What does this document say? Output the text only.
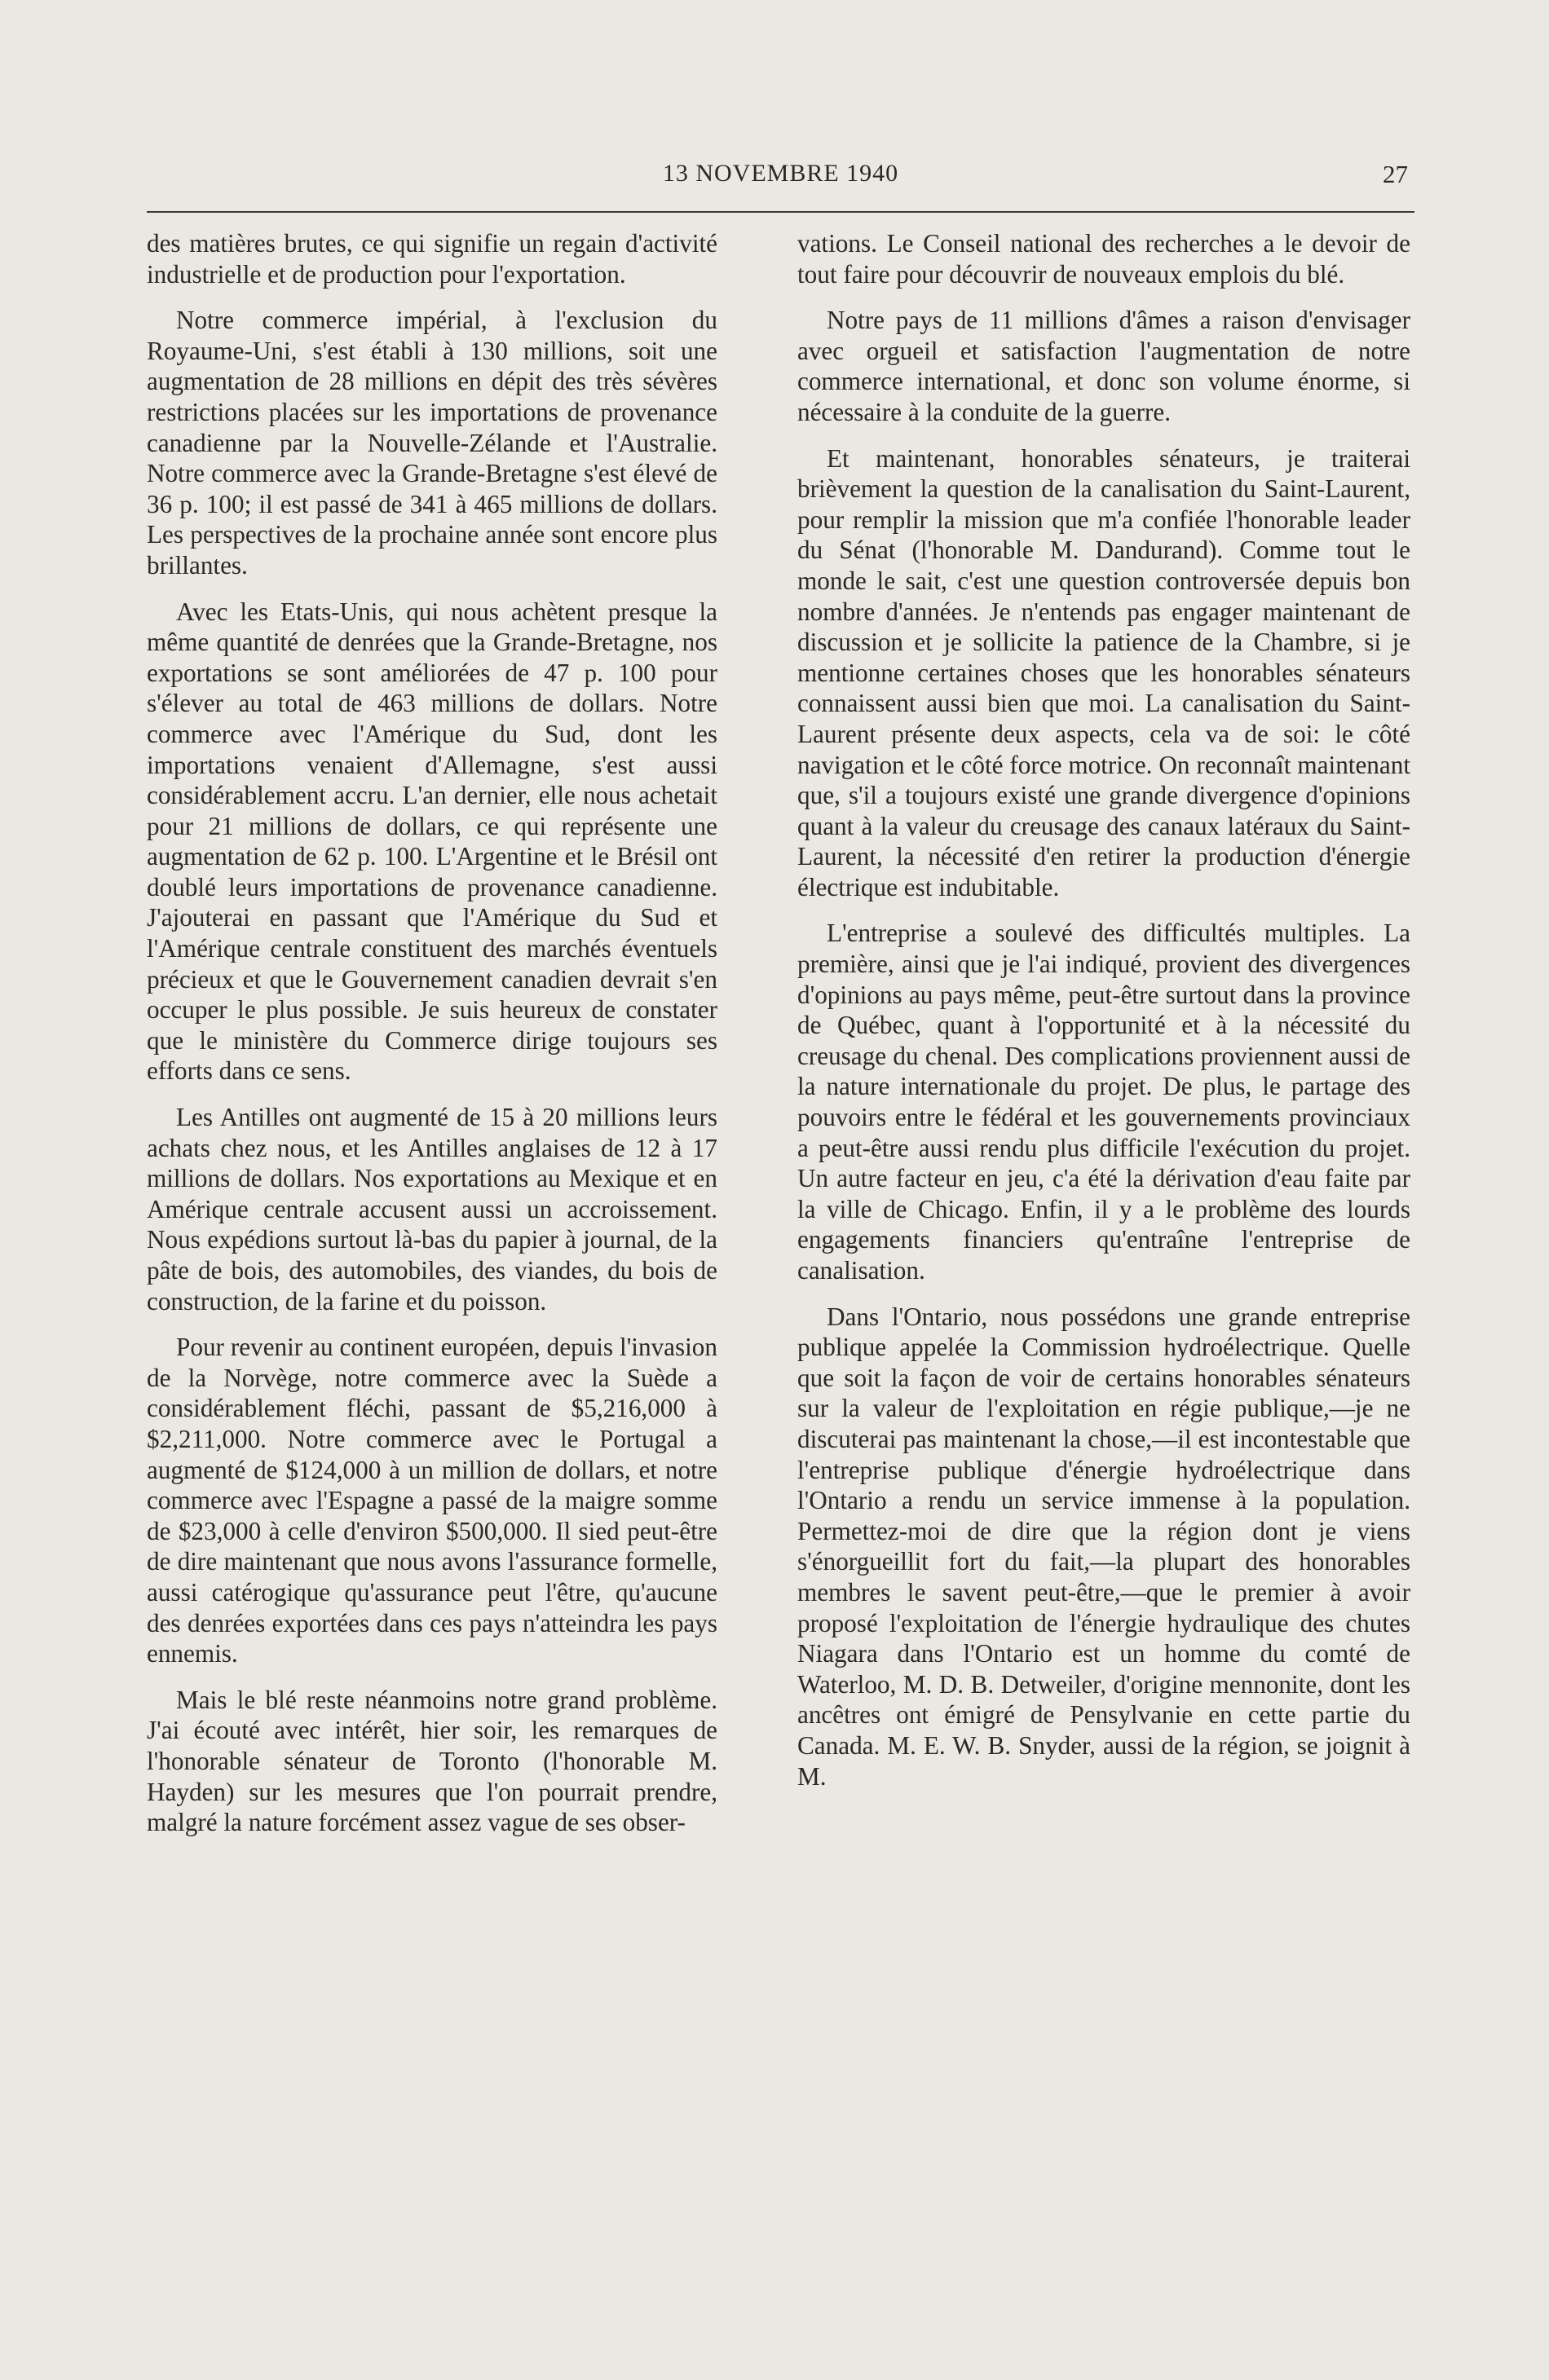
13 NOVEMBRE 1940	27

des matières brutes, ce qui signifie un regain d'activité industrielle et de production pour l'exportation.

Notre commerce impérial, à l'exclusion du Royaume-Uni, s'est établi à 130 millions, soit une augmentation de 28 millions en dépit des très sévères restrictions placées sur les importations de provenance canadienne par la Nouvelle-Zélande et l'Australie. Notre commerce avec la Grande-Bretagne s'est élevé de 36 p. 100; il est passé de 341 à 465 millions de dollars. Les perspectives de la prochaine année sont encore plus brillantes.

Avec les Etats-Unis, qui nous achètent presque la même quantité de denrées que la Grande-Bretagne, nos exportations se sont améliorées de 47 p. 100 pour s'élever au total de 463 millions de dollars. Notre commerce avec l'Amérique du Sud, dont les importations venaient d'Allemagne, s'est aussi considérablement accru. L'an dernier, elle nous achetait pour 21 millions de dollars, ce qui représente une augmentation de 62 p. 100. L'Argentine et le Brésil ont doublé leurs importations de provenance canadienne. J'ajouterai en passant que l'Amérique du Sud et l'Amérique centrale constituent des marchés éventuels précieux et que le Gouvernement canadien devrait s'en occuper le plus possible. Je suis heureux de constater que le ministère du Commerce dirige toujours ses efforts dans ce sens.

Les Antilles ont augmenté de 15 à 20 millions leurs achats chez nous, et les Antilles anglaises de 12 à 17 millions de dollars. Nos exportations au Mexique et en Amérique centrale accusent aussi un accroissement. Nous expédions surtout là-bas du papier à journal, de la pâte de bois, des automobiles, des viandes, du bois de construction, de la farine et du poisson.

Pour revenir au continent européen, depuis l'invasion de la Norvège, notre commerce avec la Suède a considérablement fléchi, passant de $5,216,000 à $2,211,000. Notre commerce avec le Portugal a augmenté de $124,000 à un million de dollars, et notre commerce avec l'Espagne a passé de la maigre somme de $23,000 à celle d'environ $500,000. Il sied peut-être de dire maintenant que nous avons l'assurance formelle, aussi catérogique qu'assurance peut l'être, qu'aucune des denrées exportées dans ces pays n'atteindra les pays ennemis.

Mais le blé reste néanmoins notre grand problème. J'ai écouté avec intérêt, hier soir, les remarques de l'honorable sénateur de Toronto (l'honorable M. Hayden) sur les mesures que l'on pourrait prendre, malgré la nature forcément assez vague de ses obser-

vations. Le Conseil national des recherches a le devoir de tout faire pour découvrir de nouveaux emplois du blé.

Notre pays de 11 millions d'âmes a raison d'envisager avec orgueil et satisfaction l'augmentation de notre commerce international, et donc son volume énorme, si nécessaire à la conduite de la guerre.

Et maintenant, honorables sénateurs, je traiterai brièvement la question de la canalisation du Saint-Laurent, pour remplir la mission que m'a confiée l'honorable leader du Sénat (l'honorable M. Dandurand). Comme tout le monde le sait, c'est une question controversée depuis bon nombre d'années. Je n'entends pas engager maintenant de discussion et je sollicite la patience de la Chambre, si je mentionne certaines choses que les honorables sénateurs connaissent aussi bien que moi. La canalisation du Saint-Laurent présente deux aspects, cela va de soi: le côté navigation et le côté force motrice. On reconnaît maintenant que, s'il a toujours existé une grande divergence d'opinions quant à la valeur du creusage des canaux latéraux du Saint-Laurent, la nécessité d'en retirer la production d'énergie électrique est indubitable.

L'entreprise a soulevé des difficultés multiples. La première, ainsi que je l'ai indiqué, provient des divergences d'opinions au pays même, peut-être surtout dans la province de Québec, quant à l'opportunité et à la nécessité du creusage du chenal. Des complications proviennent aussi de la nature internationale du projet. De plus, le partage des pouvoirs entre le fédéral et les gouvernements provinciaux a peut-être aussi rendu plus difficile l'exécution du projet. Un autre facteur en jeu, c'a été la dérivation d'eau faite par la ville de Chicago. Enfin, il y a le problème des lourds engagements financiers qu'entraîne l'entreprise de canalisation.

Dans l'Ontario, nous possédons une grande entreprise publique appelée la Commission hydroélectrique. Quelle que soit la façon de voir de certains honorables sénateurs sur la valeur de l'exploitation en régie publique,—je ne discuterai pas maintenant la chose,—il est incontestable que l'entreprise publique d'énergie hydroélectrique dans l'Ontario a rendu un service immense à la population. Permettez-moi de dire que la région dont je viens s'énorgueillit fort du fait,—la plupart des honorables membres le savent peut-être,—que le premier à avoir proposé l'exploitation de l'énergie hydraulique des chutes Niagara dans l'Ontario est un homme du comté de Waterloo, M. D. B. Detweiler, d'origine mennonite, dont les ancêtres ont émigré de Pensylvanie en cette partie du Canada. M. E. W. B. Snyder, aussi de la région, se joignit à M.
